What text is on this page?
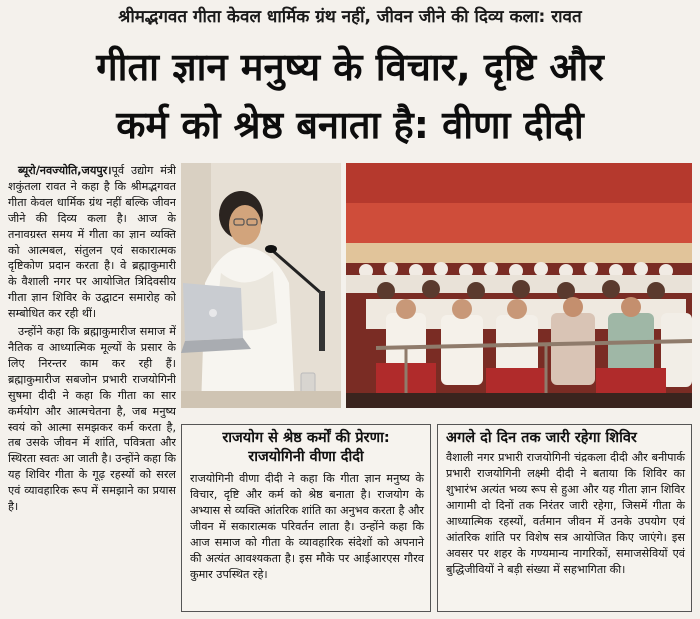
श्रीमद्भगवत गीता केवल धार्मिक ग्रंथ नहीं, जीवन जीने की दिव्य कला: रावत
गीता ज्ञान मनुष्य के विचार, दृष्टि और
कर्म को श्रेष्ठ बनाता है: वीणा दीदी

ब्यूरो/नवज्योति,जयपुर।पूर्व उद्योग मंत्री शकुंतला रावत ने कहा है कि श्रीमद्भगवत गीता केवल धार्मिक ग्रंथ नहीं बल्कि जीवन जीने की दिव्य कला है। आज के तनावग्रस्त समय में गीता का ज्ञान व्यक्ति को आत्मबल, संतुलन एवं सकारात्मक दृष्टिकोण प्रदान करता है। वे ब्रह्माकुमारी के वैशाली नगर पर आयोजित त्रिदिवसीय गीता ज्ञान शिविर के उद्घाटन समारोह को सम्बोधित कर रही थीं।

उन्होंने कहा कि ब्रह्माकुमारीज समाज में नैतिक व आध्यात्मिक मूल्यों के प्रसार के लिए निरन्तर काम कर रही हैं। ब्रह्माकुमारीज सबजोन प्रभारी राजयोगिनी सुषमा दीदी ने कहा कि गीता का सार कर्मयोग और आत्मचेतना है, जब मनुष्य स्वयं को आत्मा समझकर कर्म करता है, तब उसके जीवन में शांति, पवित्रता और स्थिरता स्वतः आ जाती है। उन्होंने कहा कि यह शिविर गीता के गूढ़ रहस्यों को सरल एवं व्यावहारिक रूप में समझाने का प्रयास है।

राजयोग से श्रेष्ठ कर्मों की प्रेरणा:
राजयोगिनी वीणा दीदी
राजयोगिनी वीणा दीदी ने कहा कि गीता ज्ञान मनुष्य के विचार, दृष्टि और कर्म को श्रेष्ठ बनाता है। राजयोग के अभ्यास से व्यक्ति आंतरिक शांति का अनुभव करता है और जीवन में सकारात्मक परिवर्तन लाता है। उन्होंने कहा कि आज समाज को गीता के व्यावहारिक संदेशों को अपनाने की अत्यंत आवश्यकता है। इस मौके पर आईआरएस गौरव कुमार उपस्थित रहे।
अगले दो दिन तक जारी रहेगा शिविर
वैशाली नगर प्रभारी राजयोगिनी चंद्रकला दीदी और बनीपार्क प्रभारी राजयोगिनी लक्ष्मी दीदी ने बताया कि शिविर का शुभारंभ अत्यंत भव्य रूप से हुआ और यह गीता ज्ञान शिविर आगामी दो दिनों तक निरंतर जारी रहेगा, जिसमें गीता के आध्यात्मिक रहस्यों, वर्तमान जीवन में उनके उपयोग एवं आंतरिक शांति पर विशेष सत्र आयोजित किए जाएंगे। इस अवसर पर शहर के गण्यमान्य नागरिकों, समाजसेवियों एवं बुद्धिजीवियों ने बड़ी संख्या में सहभागिता की।
